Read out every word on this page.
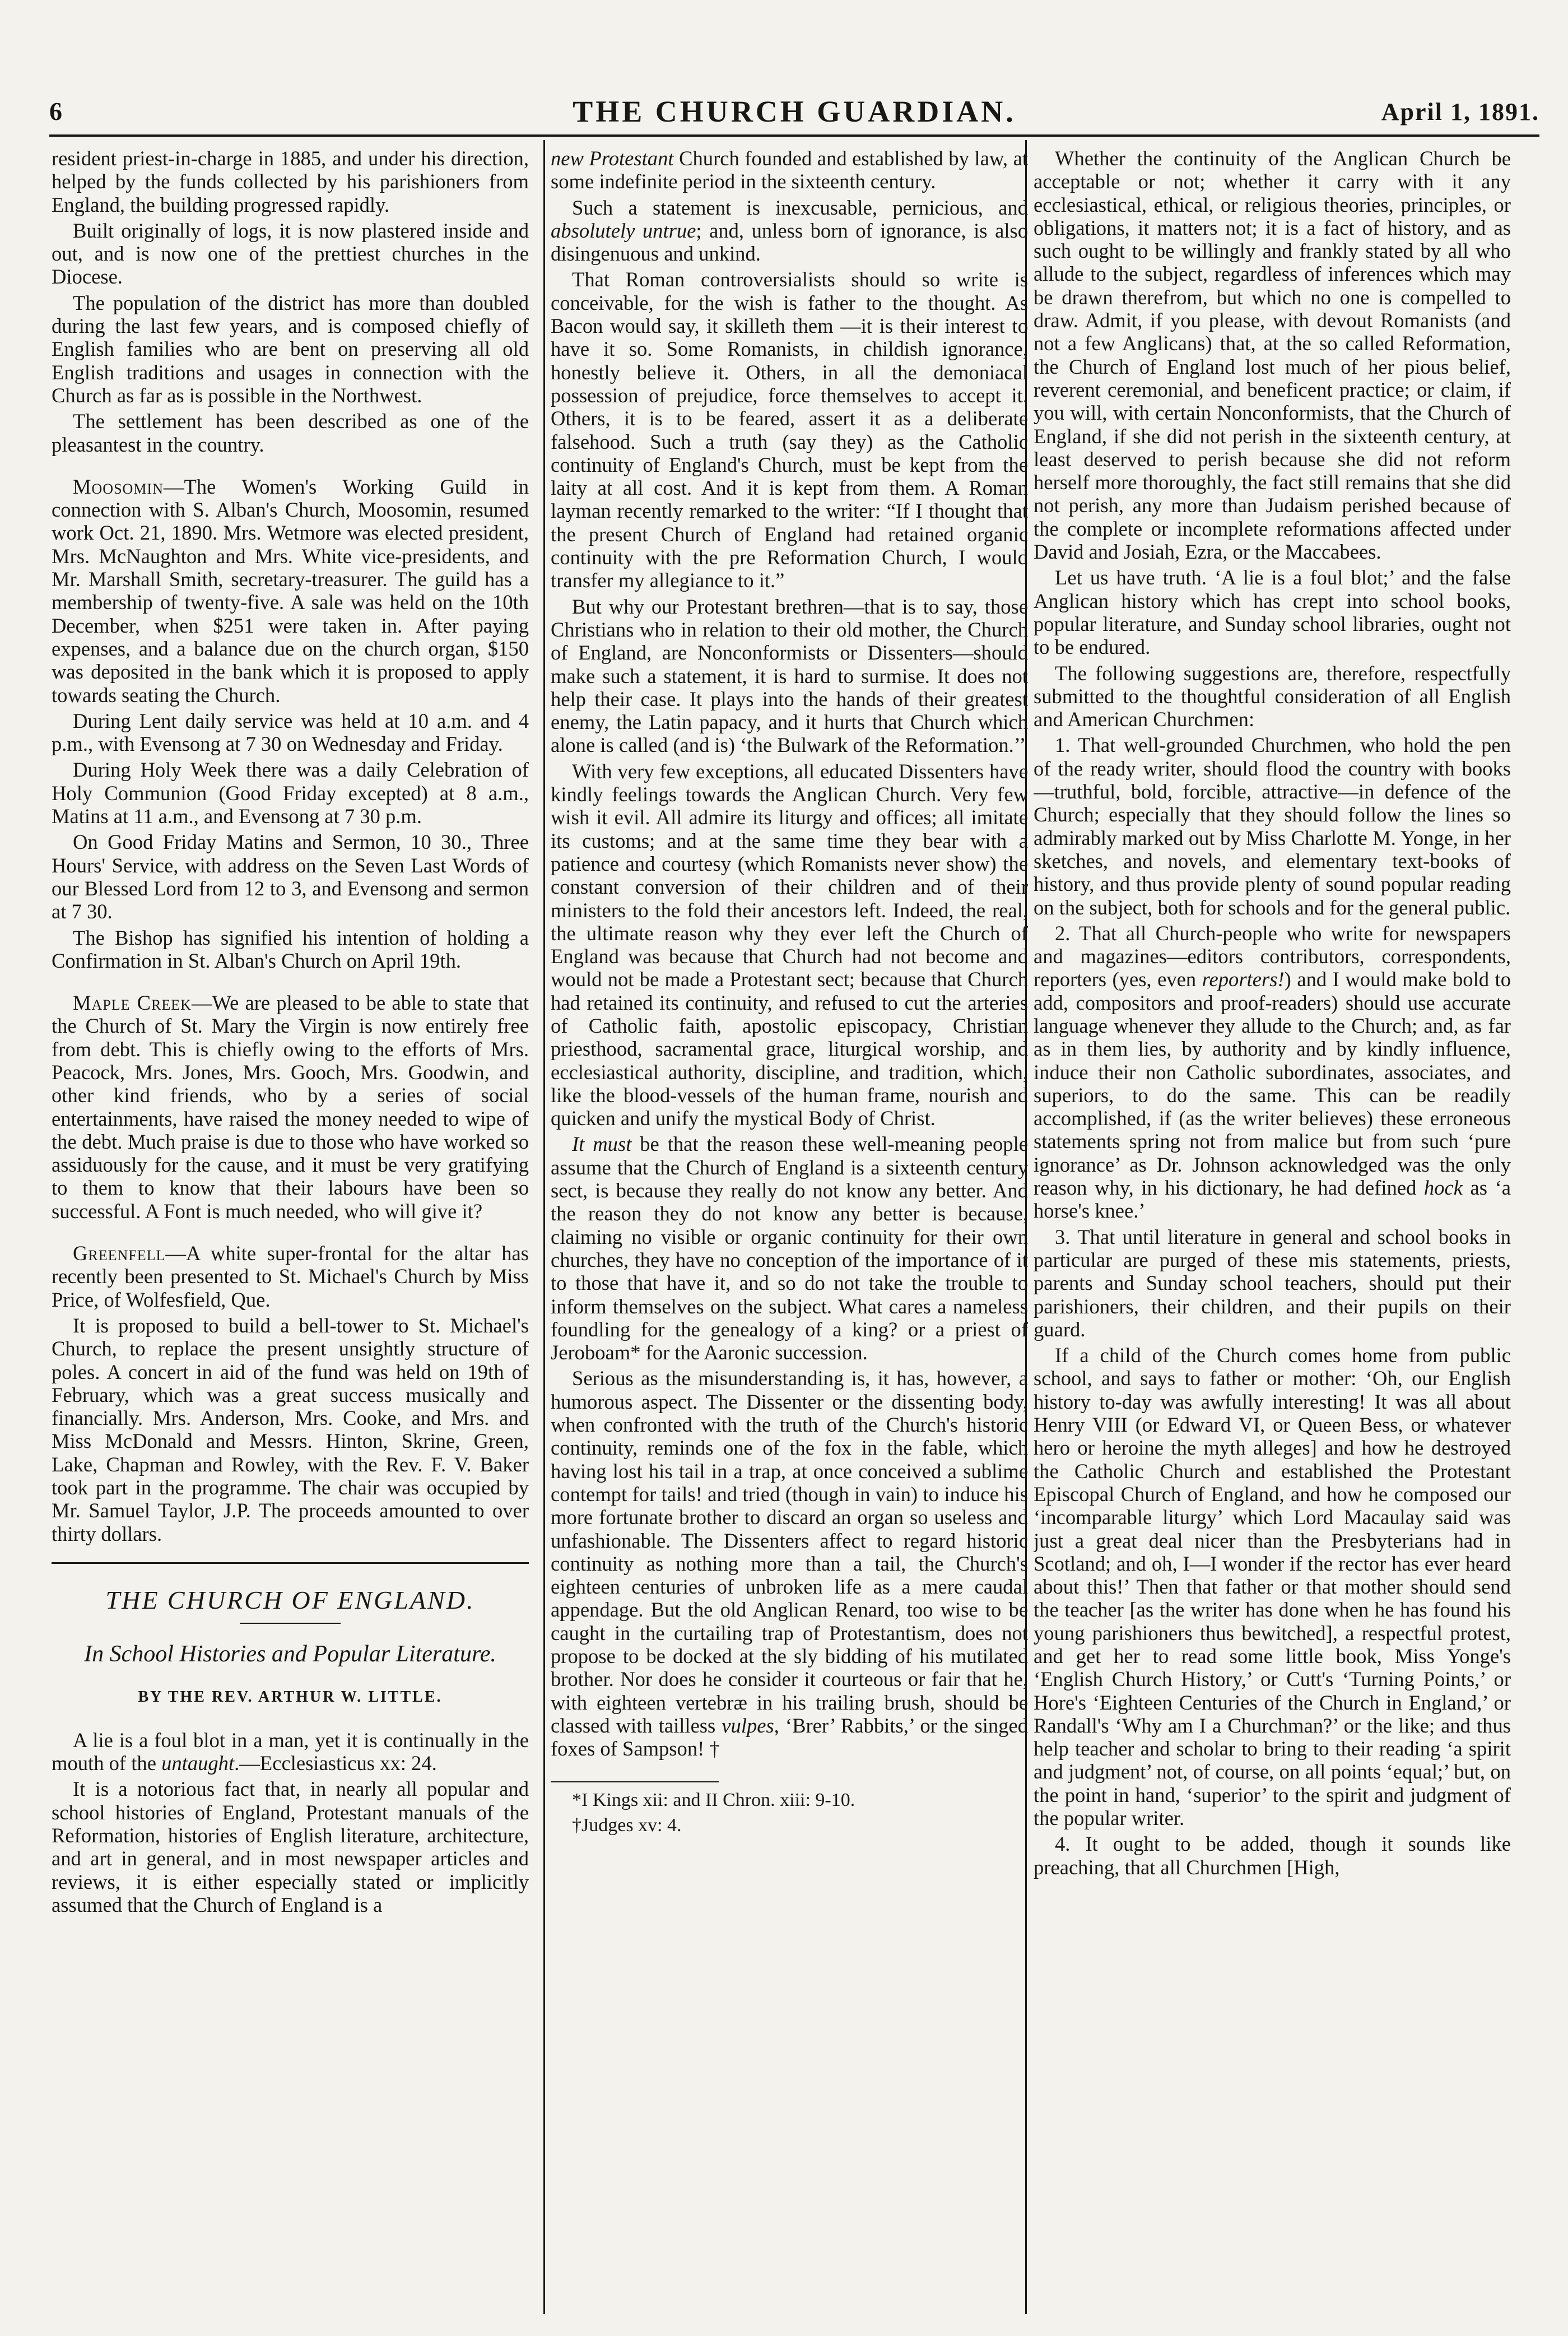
6	THE CHURCH GUARDIAN.	April 1, 1891.

resident priest-in-charge in 1885, and under his direction, helped by the funds collected by his parishioners from England, the building progressed rapidly.

Built originally of logs, it is now plastered inside and out, and is now one of the prettiest churches in the Diocese.

The population of the district has more than doubled during the last few years, and is composed chiefly of English families who are bent on preserving all old English traditions and usages in connection with the Church as far as is possible in the Northwest.

The settlement has been described as one of the pleasantest in the country.

Moosomin—The Women's Working Guild in connection with S. Alban's Church, Moosomin, resumed work Oct. 21, 1890. Mrs. Wetmore was elected president, Mrs. McNaughton and Mrs. White vice-presidents, and Mr. Marshall Smith, secretary-treasurer. The guild has a membership of twenty-five. A sale was held on the 10th December, when $251 were taken in. After paying expenses, and a balance due on the church organ, $150 was deposited in the bank which it is proposed to apply towards seating the Church.

During Lent daily service was held at 10 a.m. and 4 p.m., with Evensong at 7 30 on Wednesday and Friday.

During Holy Week there was a daily Celebration of Holy Communion (Good Friday excepted) at 8 a.m., Matins at 11 a.m., and Evensong at 7 30 p.m.

On Good Friday Matins and Sermon, 10 30., Three Hours' Service, with address on the Seven Last Words of our Blessed Lord from 12 to 3, and Evensong and sermon at 7 30.

The Bishop has signified his intention of holding a Confirmation in St. Alban's Church on April 19th.

Maple Creek—We are pleased to be able to state that the Church of St. Mary the Virgin is now entirely free from debt. This is chiefly owing to the efforts of Mrs. Peacock, Mrs. Jones, Mrs. Gooch, Mrs. Goodwin, and other kind friends, who by a series of social entertainments, have raised the money needed to wipe of the debt. Much praise is due to those who have worked so assiduously for the cause, and it must be very gratifying to them to know that their labours have been so successful. A Font is much needed, who will give it?

Greenfell—A white super-frontal for the altar has recently been presented to St. Michael's Church by Miss Price, of Wolfesfield, Que.

It is proposed to build a bell-tower to St. Michael's Church, to replace the present unsightly structure of poles. A concert in aid of the fund was held on 19th of February, which was a great success musically and financially. Mrs. Anderson, Mrs. Cooke, and Mrs. and Miss McDonald and Messrs. Hinton, Skrine, Green, Lake, Chapman and Rowley, with the Rev. F. V. Baker took part in the programme. The chair was occupied by Mr. Samuel Taylor, J.P. The proceeds amounted to over thirty dollars.

THE CHURCH OF ENGLAND.
In School Histories and Popular Literature.
BY THE REV. ARTHUR W. LITTLE.

A lie is a foul blot in a man, yet it is continually in the mouth of the untaught.—Ecclesiasticus xx: 24.

It is a notorious fact that, in nearly all popular and school histories of England, Protestant manuals of the Reformation, histories of English literature, architecture, and art in general, and in most newspaper articles and reviews, it is either especially stated or implicitly assumed that the Church of England is a

new Protestant Church founded and established by law, at some indefinite period in the sixteenth century.

Such a statement is inexcusable, pernicious, and absolutely untrue; and, unless born of ignorance, is also disingenuous and unkind.

That Roman controversialists should so write is conceivable, for the wish is father to the thought. As Bacon would say, it skilleth them —it is their interest to have it so. Some Romanists, in childish ignorance, honestly believe it. Others, in all the demoniacal possession of prejudice, force themselves to accept it. Others, it is to be feared, assert it as a deliberate falsehood. Such a truth (say they) as the Catholic continuity of England's Church, must be kept from the laity at all cost. And it is kept from them. A Roman layman recently remarked to the writer: “If I thought that the present Church of England had retained organic continuity with the pre Reformation Church, I would transfer my allegiance to it.”

But why our Protestant brethren—that is to say, those Christians who in relation to their old mother, the Church of England, are Nonconformists or Dissenters—should make such a statement, it is hard to surmise. It does not help their case. It plays into the hands of their greatest enemy, the Latin papacy, and it hurts that Church which alone is called (and is) ‘the Bulwark of the Reformation.’’

With very few exceptions, all educated Dissenters have kindly feelings towards the Anglican Church. Very few wish it evil. All admire its liturgy and offices; all imitate its customs; and at the same time they bear with a patience and courtesy (which Romanists never show) the constant conversion of their children and of their ministers to the fold their ancestors left. Indeed, the real, the ultimate reason why they ever left the Church of England was because that Church had not become and would not be made a Protestant sect; because that Church had retained its continuity, and refused to cut the arteries of Catholic faith, apostolic episcopacy, Christian priesthood, sacramental grace, liturgical worship, and ecclesiastical authority, discipline, and tradition, which, like the blood-vessels of the human frame, nourish and quicken and unify the mystical Body of Christ.

It must be that the reason these well-meaning people assume that the Church of England is a sixteenth century sect, is because they really do not know any better. And the reason they do not know any better is because, claiming no visible or organic continuity for their own churches, they have no conception of the importance of it to those that have it, and so do not take the trouble to inform themselves on the subject. What cares a nameless foundling for the genealogy of a king? or a priest of Jeroboam* for the Aaronic succession.

Serious as the misunderstanding is, it has, however, a humorous aspect. The Dissenter or the dissenting body, when confronted with the truth of the Church's historic continuity, reminds one of the fox in the fable, which having lost his tail in a trap, at once conceived a sublime contempt for tails! and tried (though in vain) to induce his more fortunate brother to discard an organ so useless and unfashionable. The Dissenters affect to regard historic continuity as nothing more than a tail, the Church's eighteen centuries of unbroken life as a mere caudal appendage. But the old Anglican Renard, too wise to be caught in the curtailing trap of Protestantism, does not propose to be docked at the sly bidding of his mutilated brother. Nor does he consider it courteous or fair that he, with eighteen vertebræ in his trailing brush, should be classed with tailless vulpes, ‘Brer’ Rabbits,’ or the singed foxes of Sampson! †

*I Kings xii: and II Chron. xiii: 9-10.

†Judges xv: 4.

Whether the continuity of the Anglican Church be acceptable or not; whether it carry with it any ecclesiastical, ethical, or religious theories, principles, or obligations, it matters not; it is a fact of history, and as such ought to be willingly and frankly stated by all who allude to the subject, regardless of inferences which may be drawn therefrom, but which no one is compelled to draw. Admit, if you please, with devout Romanists (and not a few Anglicans) that, at the so called Reformation, the Church of England lost much of her pious belief, reverent ceremonial, and beneficent practice; or claim, if you will, with certain Nonconformists, that the Church of England, if she did not perish in the sixteenth century, at least deserved to perish because she did not reform herself more thoroughly, the fact still remains that she did not perish, any more than Judaism perished because of the complete or incomplete reformations affected under David and Josiah, Ezra, or the Maccabees.

Let us have truth. ‘A lie is a foul blot;’ and the false Anglican history which has crept into school books, popular literature, and Sunday school libraries, ought not to be endured.

The following suggestions are, therefore, respectfully submitted to the thoughtful consideration of all English and American Churchmen:

1. That well-grounded Churchmen, who hold the pen of the ready writer, should flood the country with books—truthful, bold, forcible, attractive—in defence of the Church; especially that they should follow the lines so admirably marked out by Miss Charlotte M. Yonge, in her sketches, and novels, and elementary text-books of history, and thus provide plenty of sound popular reading on the subject, both for schools and for the general public.

2. That all Church-people who write for newspapers and magazines—editors contributors, correspondents, reporters (yes, even reporters!) and I would make bold to add, compositors and proof-readers) should use accurate language whenever they allude to the Church; and, as far as in them lies, by authority and by kindly influence, induce their non Catholic subordinates, associates, and superiors, to do the same. This can be readily accomplished, if (as the writer believes) these erroneous statements spring not from malice but from such ‘pure ignorance’ as Dr. Johnson acknowledged was the only reason why, in his dictionary, he had defined hock as ‘a horse's knee.’

3. That until literature in general and school books in particular are purged of these mis statements, priests, parents and Sunday school teachers, should put their parishioners, their children, and their pupils on their guard.

If a child of the Church comes home from public school, and says to father or mother: ‘Oh, our English history to-day was awfully interesting! It was all about Henry VIII (or Edward VI, or Queen Bess, or whatever hero or heroine the myth alleges] and how he destroyed the Catholic Church and established the Protestant Episcopal Church of England, and how he composed our ‘incomparable liturgy’ which Lord Macaulay said was just a great deal nicer than the Presbyterians had in Scotland; and oh, I—I wonder if the rector has ever heard about this!’ Then that father or that mother should send the teacher [as the writer has done when he has found his young parishioners thus bewitched], a respectful protest, and get her to read some little book, Miss Yonge's ‘English Church History,’ or Cutt's ‘Turning Points,’ or Hore's ‘Eighteen Centuries of the Church in England,’ or Randall's ‘Why am I a Churchman?’ or the like; and thus help teacher and scholar to bring to their reading ‘a spirit and judgment’ not, of course, on all points ‘equal;’ but, on the point in hand, ‘superior’ to the spirit and judgment of the popular writer.

4. It ought to be added, though it sounds like preaching, that all Churchmen [High,
